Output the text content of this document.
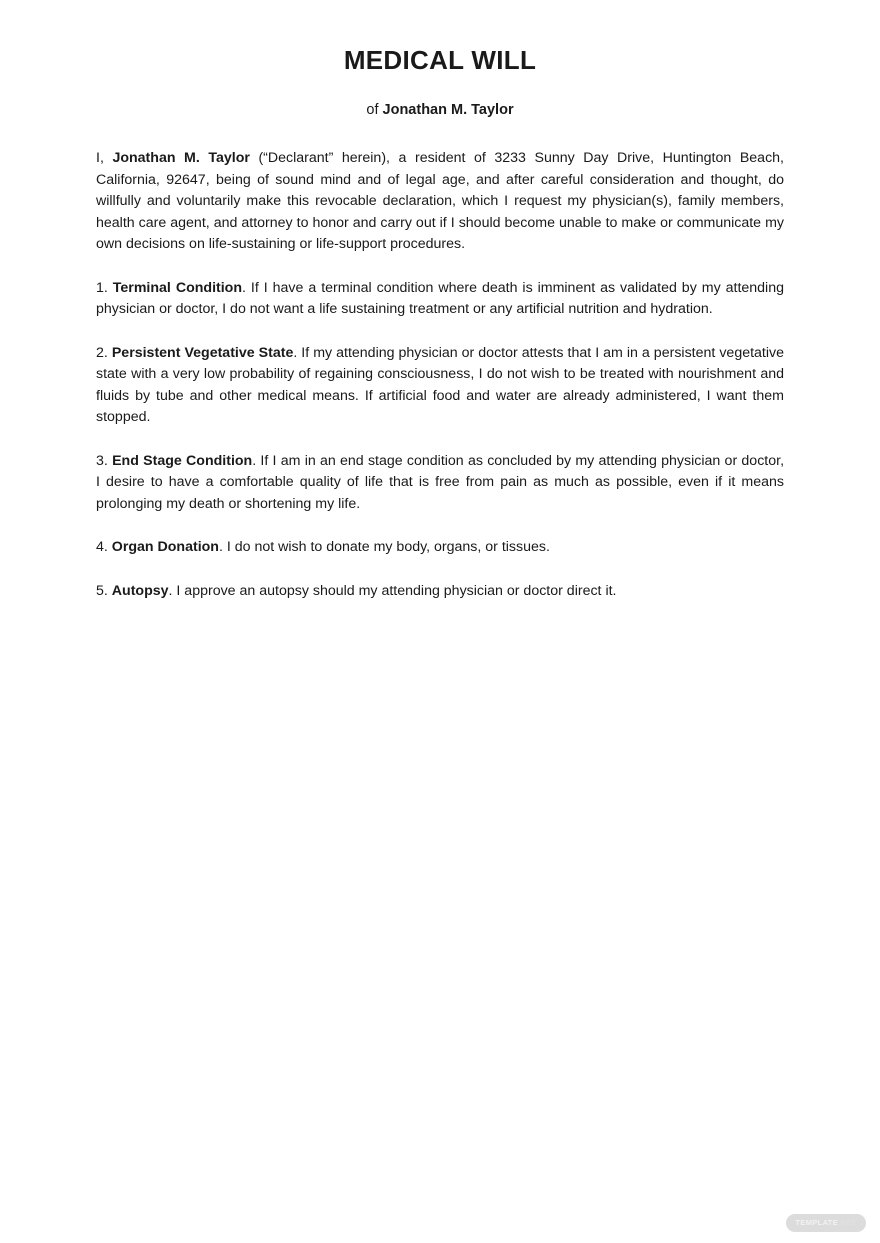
MEDICAL WILL

of Jonathan M. Taylor

I, Jonathan M. Taylor (“Declarant” herein), a resident of 3233 Sunny Day Drive, Huntington Beach, California, 92647, being of sound mind and of legal age, and after careful consideration and thought, do willfully and voluntarily make this revocable declaration, which I request my physician(s), family members, health care agent, and attorney to honor and carry out if I should become unable to make or communicate my own decisions on life-sustaining or life-support procedures.

1. Terminal Condition. If I have a terminal condition where death is imminent as validated by my attending physician or doctor, I do not want a life sustaining treatment or any artificial nutrition and hydration.

2. Persistent Vegetative State. If my attending physician or doctor attests that I am in a persistent vegetative state with a very low probability of regaining consciousness, I do not wish to be treated with nourishment and fluids by tube and other medical means. If artificial food and water are already administered, I want them stopped.

3. End Stage Condition. If I am in an end stage condition as concluded by my attending physician or doctor, I desire to have a comfortable quality of life that is free from pain as much as possible, even if it means prolonging my death or shortening my life.

4. Organ Donation. I do not wish to donate my body, organs, or tissues.

5. Autopsy. I approve an autopsy should my attending physician or doctor direct it.

TEMPLATE .NET
